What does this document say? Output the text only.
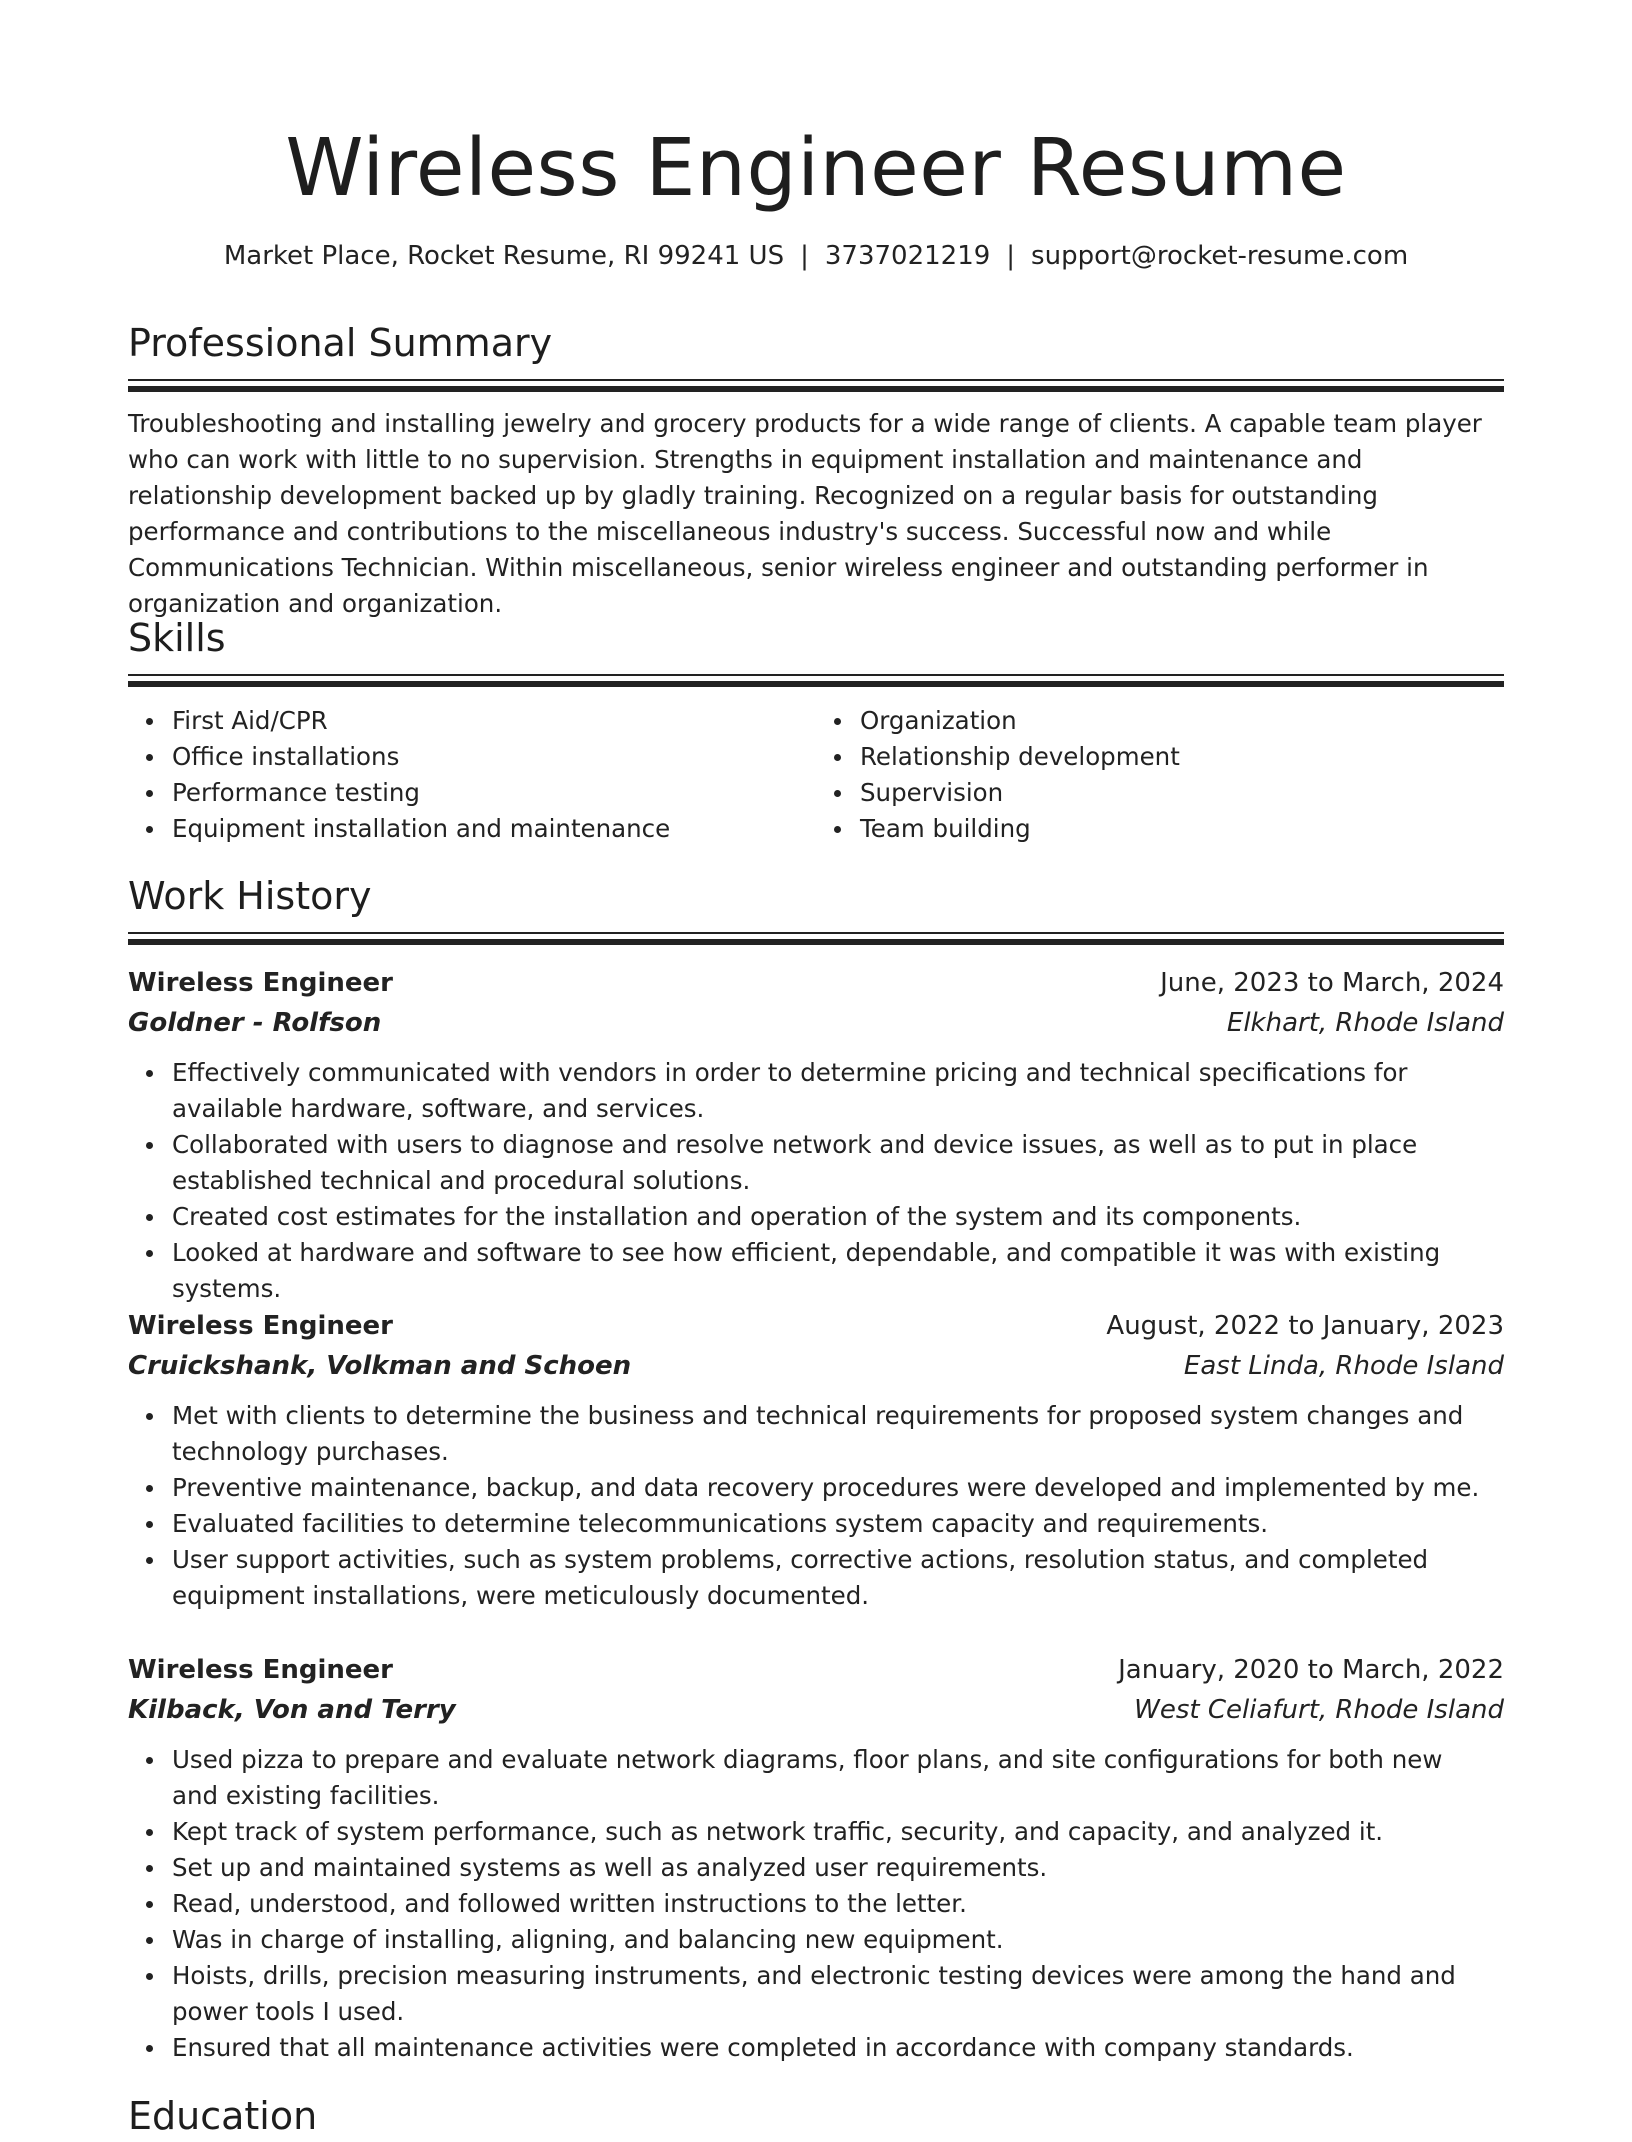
Wireless Engineer Resume
Market Place, Rocket Resume, RI 99241 US | 3737021219 | support@rocket-resume.com
Professional Summary
Troubleshooting and installing jewelry and grocery products for a wide range of clients. A capable team player who can work with little to no supervision. Strengths in equipment installation and maintenance and relationship development backed up by gladly training. Recognized on a regular basis for outstanding performance and contributions to the miscellaneous industry's success. Successful now and while Communications Technician. Within miscellaneous, senior wireless engineer and outstanding performer in organization and organization.
Skills
First Aid/CPR
Office installations
Performance testing
Equipment installation and maintenance
Organization
Relationship development
Supervision
Team building
Work History
Wireless Engineer	June, 2023 to March, 2024
Goldner - Rolfson	Elkhart, Rhode Island
Effectively communicated with vendors in order to determine pricing and technical specifications for available hardware, software, and services.
Collaborated with users to diagnose and resolve network and device issues, as well as to put in place established technical and procedural solutions.
Created cost estimates for the installation and operation of the system and its components.
Looked at hardware and software to see how efficient, dependable, and compatible it was with existing systems.
Wireless Engineer	August, 2022 to January, 2023
Cruickshank, Volkman and Schoen	East Linda, Rhode Island
Met with clients to determine the business and technical requirements for proposed system changes and technology purchases.
Preventive maintenance, backup, and data recovery procedures were developed and implemented by me.
Evaluated facilities to determine telecommunications system capacity and requirements.
User support activities, such as system problems, corrective actions, resolution status, and completed equipment installations, were meticulously documented.
Wireless Engineer	January, 2020 to March, 2022
Kilback, Von and Terry	West Celiafurt, Rhode Island
Used pizza to prepare and evaluate network diagrams, floor plans, and site configurations for both new and existing facilities.
Kept track of system performance, such as network traffic, security, and capacity, and analyzed it.
Set up and maintained systems as well as analyzed user requirements.
Read, understood, and followed written instructions to the letter.
Was in charge of installing, aligning, and balancing new equipment.
Hoists, drills, precision measuring instruments, and electronic testing devices were among the hand and power tools I used.
Ensured that all maintenance activities were completed in accordance with company standards.
Education
